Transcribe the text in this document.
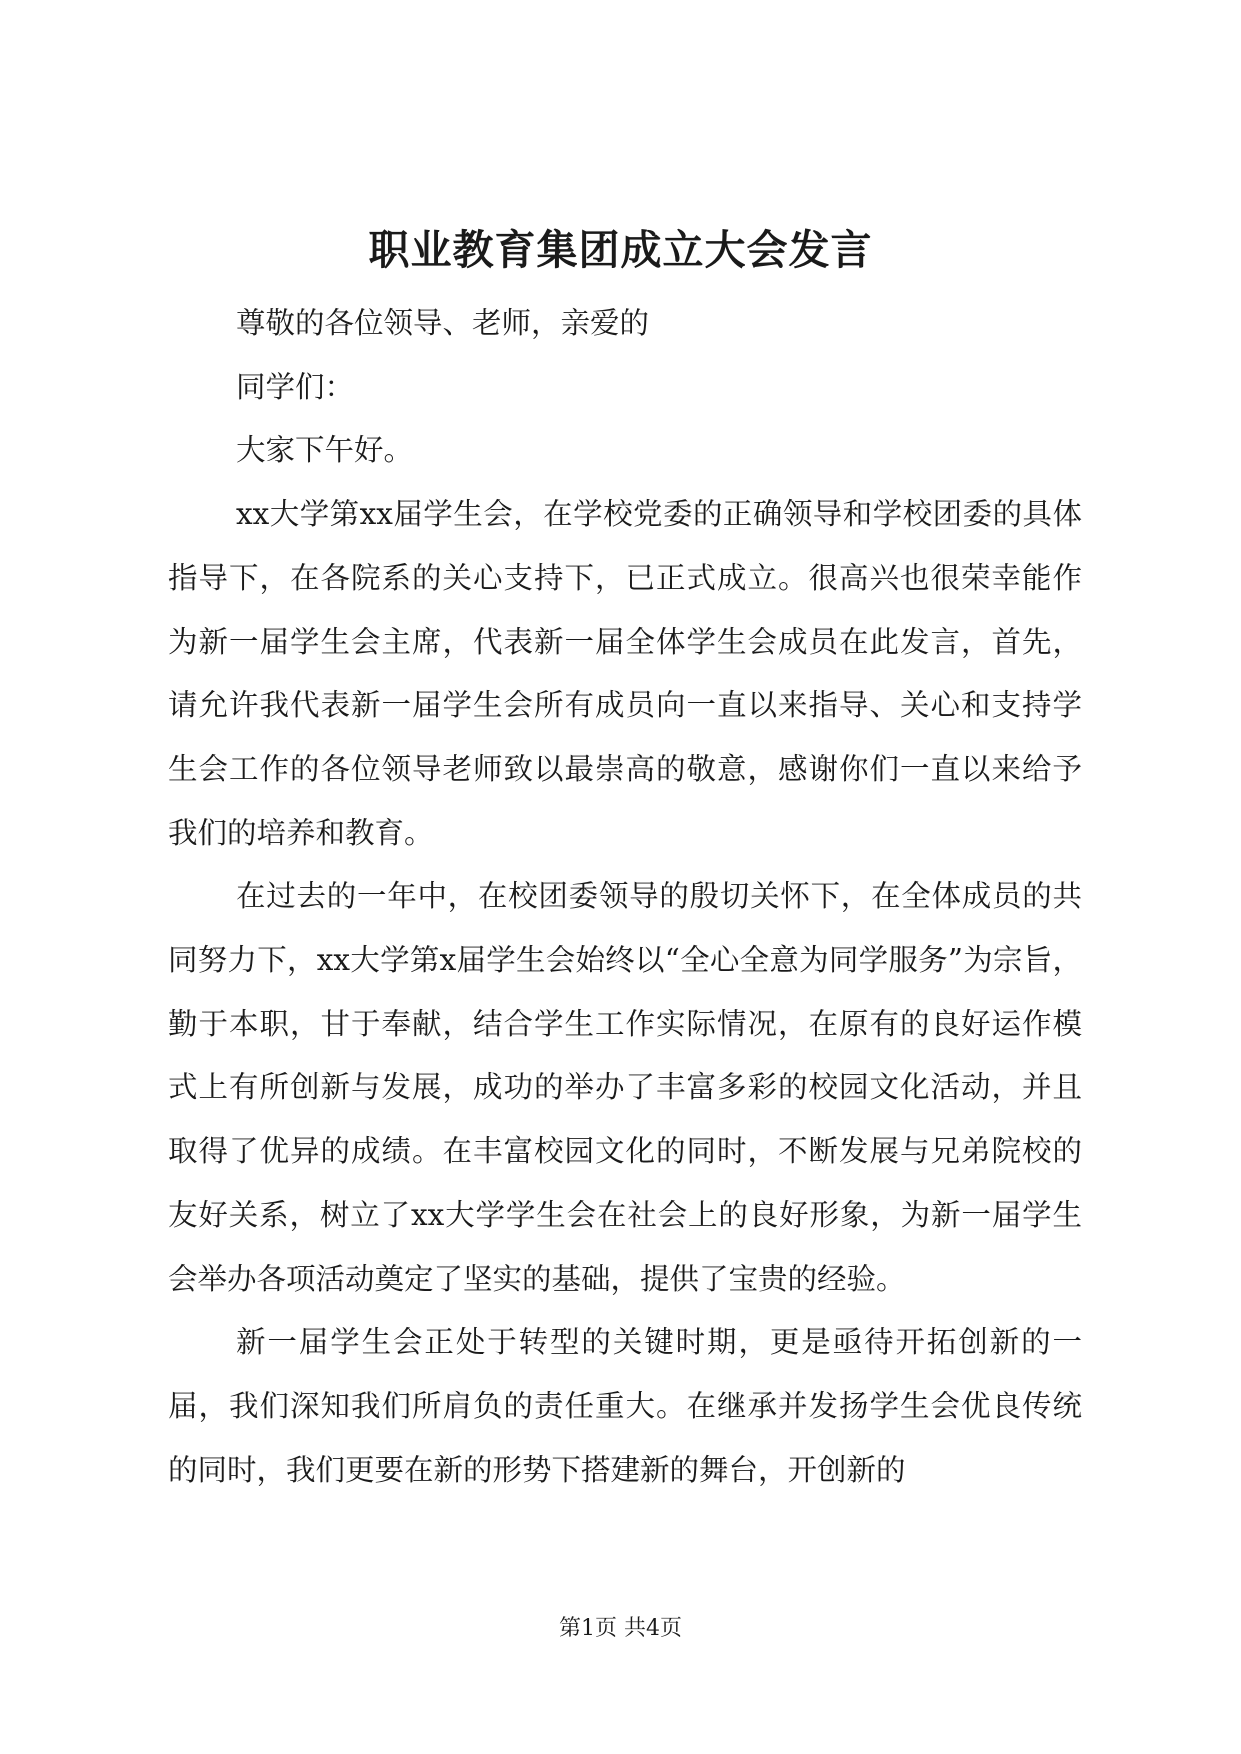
职业教育集团成立大会发言

尊敬的各位领导、老师，亲爱的

同学们：

大家下午好。

xx大学第xx届学生会，在学校党委的正确领导和学校团委的具体指导下，在各院系的关心支持下，已正式成立。很高兴也很荣幸能作为新一届学生会主席，代表新一届全体学生会成员在此发言，首先，请允许我代表新一届学生会所有成员向一直以来指导、关心和支持学生会工作的各位领导老师致以最崇高的敬意，感谢你们一直以来给予我们的培养和教育。

在过去的一年中，在校团委领导的殷切关怀下，在全体成员的共同努力下，xx大学第x届学生会始终以“全心全意为同学服务”为宗旨，勤于本职，甘于奉献，结合学生工作实际情况，在原有的良好运作模式上有所创新与发展，成功的举办了丰富多彩的校园文化活动，并且取得了优异的成绩。在丰富校园文化的同时，不断发展与兄弟院校的友好关系，树立了xx大学学生会在社会上的良好形象，为新一届学生会举办各项活动奠定了坚实的基础，提供了宝贵的经验。

新一届学生会正处于转型的关键时期，更是亟待开拓创新的一届，我们深知我们所肩负的责任重大。在继承并发扬学生会优良传统的同时，我们更要在新的形势下搭建新的舞台，开创新的

第1页 共4页
